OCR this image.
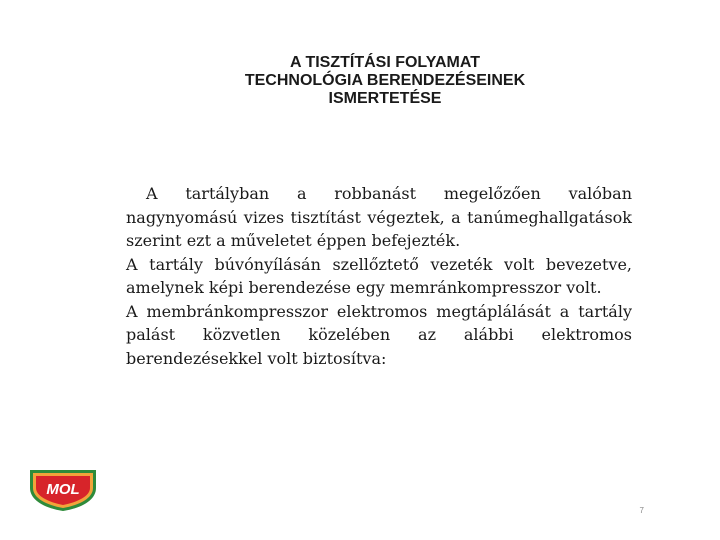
A TISZTÍTÁSI FOLYAMAT
TECHNOLÓGIA BERENDEZÉSEINEK
ISMERTETÉSE

A tartályban a robbanást megelőzően valóban nagynyomású vizes tisztítást végeztek, a tanúmeghallgatások szerint ezt a műveletet éppen befejezték.

A tartály búvónyílásán szellőztető vezeték volt bevezetve, amelynek képi berendezése egy memránkompresszor volt.

A membránkompresszor elektromos megtáplálását a tartály palást közvetlen közelében az alábbi elektromos berendezésekkel volt biztosítva:

MOL
7
